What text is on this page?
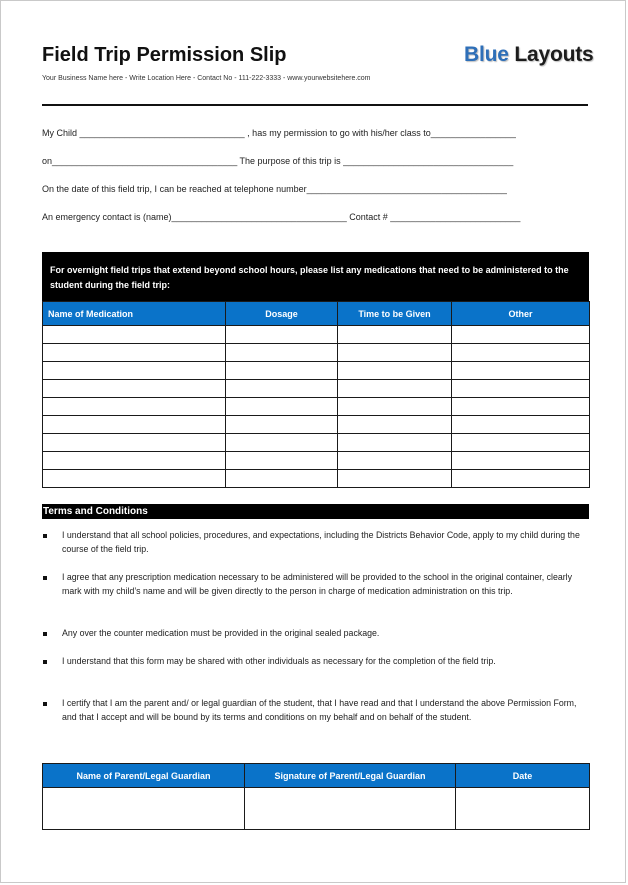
Field Trip Permission Slip
Your Business Name here - Write Location Here - Contact No - 111-222-3333 - www.yourwebsitehere.com
Blue Layouts
My Child _________________________________ , has my permission to go with his/her class to_________________
on_____________________________________ The purpose of this trip is __________________________________
On the date of this field trip, I can be reached at telephone number________________________________________
An emergency contact is (name)___________________________________ Contact # __________________________
For overnight field trips that extend beyond school hours, please list any medications that need to be administered to the student during the field trip:
Name of Medication	Dosage	Time to be Given	Other

Terms and Conditions
I understand that all school policies, procedures, and expectations, including the Districts Behavior Code, apply to my child during the course of the field trip.
I agree that any prescription medication necessary to be administered will be provided to the school in the original container, clearly mark with my child’s name and will be given directly to the person in charge of medication administration on this trip.
Any over the counter medication must be provided in the original sealed package.
I understand that this form may be shared with other individuals as necessary for the completion of the field trip.
I certify that I am the parent and/ or legal guardian of the student, that I have read and that I understand the above Permission Form, and that I accept and will be bound by its terms and conditions on my behalf and on behalf of the student.
Name of Parent/Legal Guardian	Signature of Parent/Legal Guardian	Date
